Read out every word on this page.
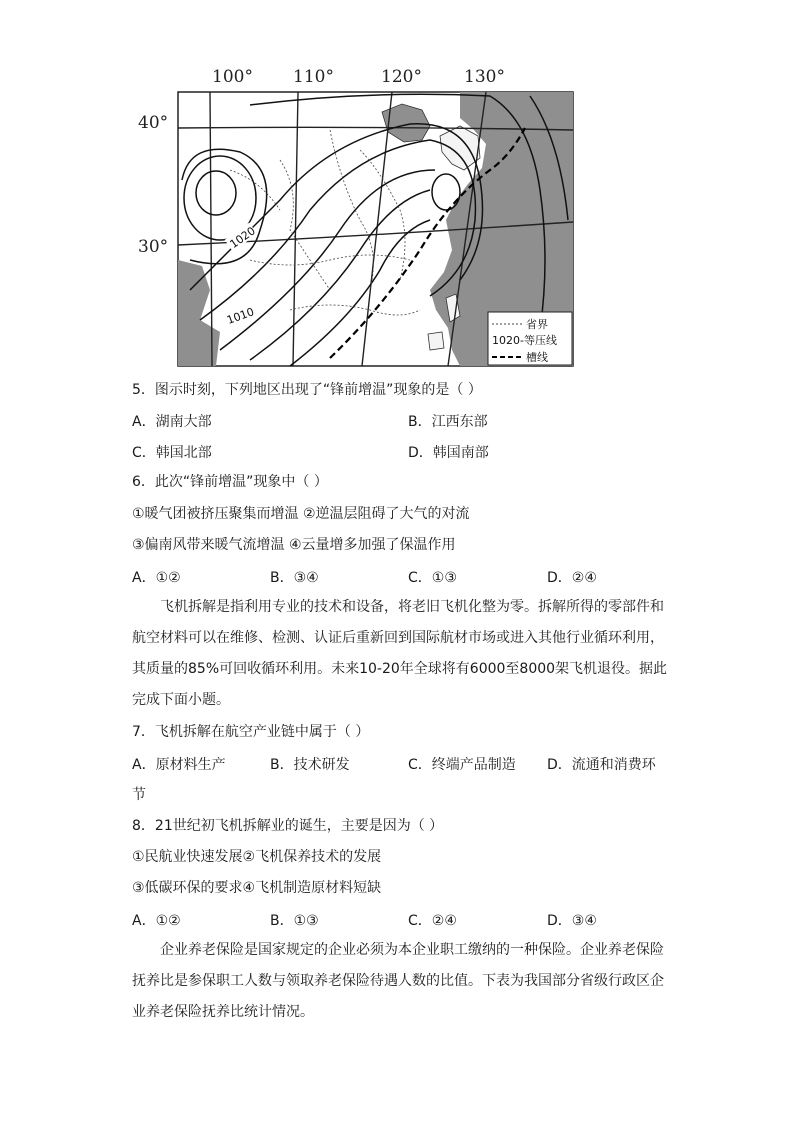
100° 110°	120° 130°
40°
30°	1020
1010	省界
1020-等压线
槽线
5．图示时刻，下列地区出现了“锋前增温”现象的是（ ）
A．湖南大部	B．江西东部
C．韩国北部	D．韩国南部
6．此次“锋前增温”现象中（ ）
①暖气团被挤压聚集而增温 ②逆温层阻碍了大气的对流
③偏南风带来暖气流增温 ④云量增多加强了保温作用
A．①②	B．③④	C．①③	D．②④

飞机拆解是指利用专业的技术和设备，将老旧飞机化整为零。拆解所得的零部件和航空材料可以在维修、检测、认证后重新回到国际航材市场或进入其他行业循环利用，其质量的85%可回收循环利用。未来10-20年全球将有6000至8000架飞机退役。据此完成下面小题。

7．飞机拆解在航空产业链中属于（ ）
A．原材料生产	B．技术研发	C．终端产品制造 D．流通和消费环
节
8．21世纪初飞机拆解业的诞生，主要是因为（ ）
①民航业快速发展②飞机保养技术的发展
③低碳环保的要求④飞机制造原材料短缺
A．①②	B．①③	C．②④	D．③④

企业养老保险是国家规定的企业必须为本企业职工缴纳的一种保险。企业养老保险抚养比是参保职工人数与领取养老保险待遇人数的比值。下表为我国部分省级行政区企业养老保险抚养比统计情况。
